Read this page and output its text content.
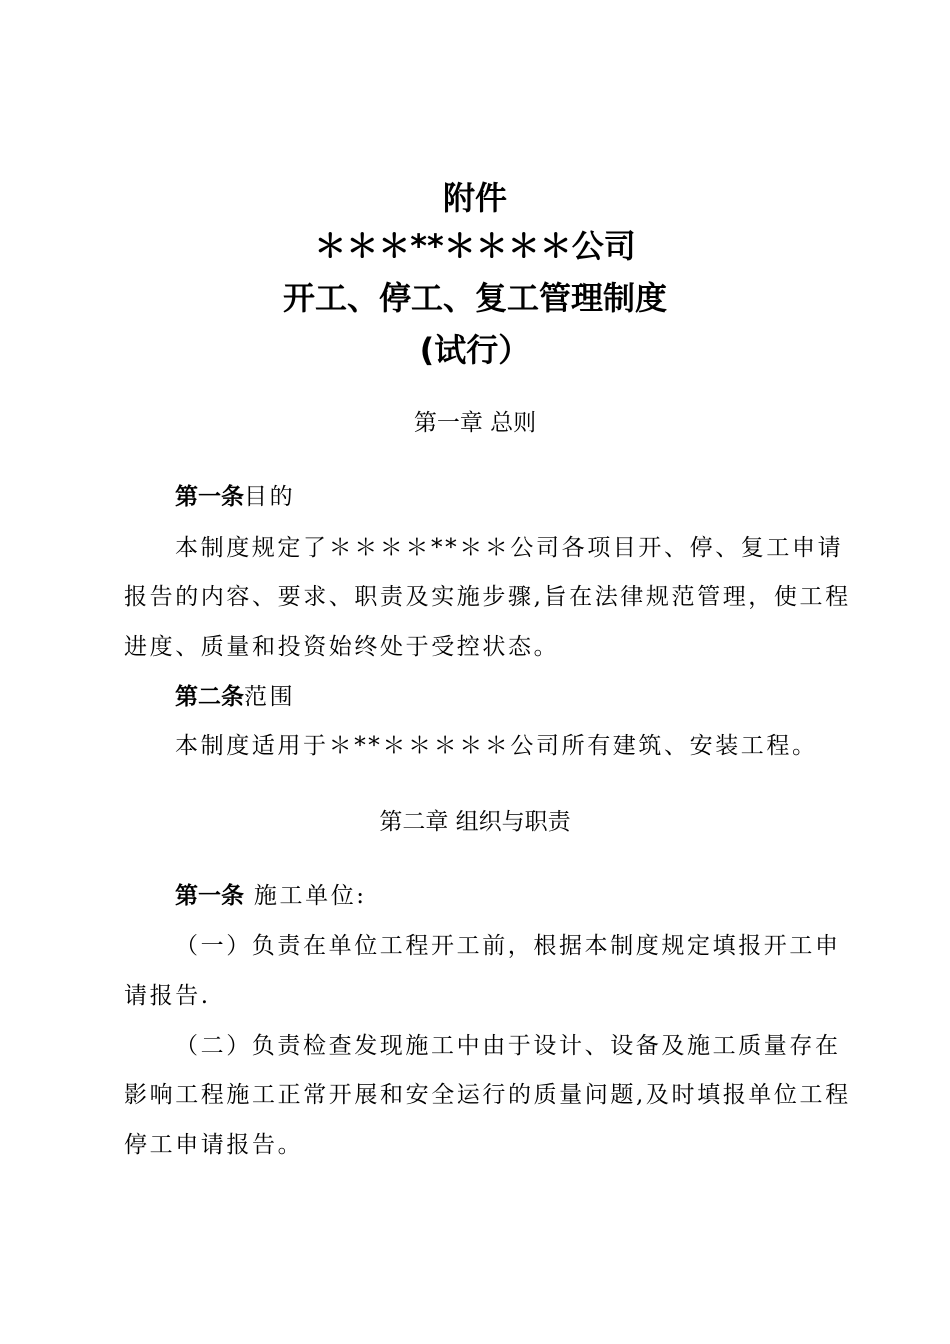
附件
＊＊＊**＊＊＊＊公司
开工、停工、复工管理制度
(试行）
第一章 总则
第一条目的
本制度规定了＊＊＊＊**＊＊公司各项目开、停、复工申请
报告的内容、要求、职责及实施步骤,旨在法律规范管理，使工程
进度、质量和投资始终处于受控状态。
第二条范围
本制度适用于＊**＊＊＊＊＊公司所有建筑、安装工程。
第二章 组织与职责
第一条 施工单位:
（一）负责在单位工程开工前，根据本制度规定填报开工申
请报告.
（二）负责检查发现施工中由于设计、设备及施工质量存在
影响工程施工正常开展和安全运行的质量问题,及时填报单位工程
停工申请报告。
